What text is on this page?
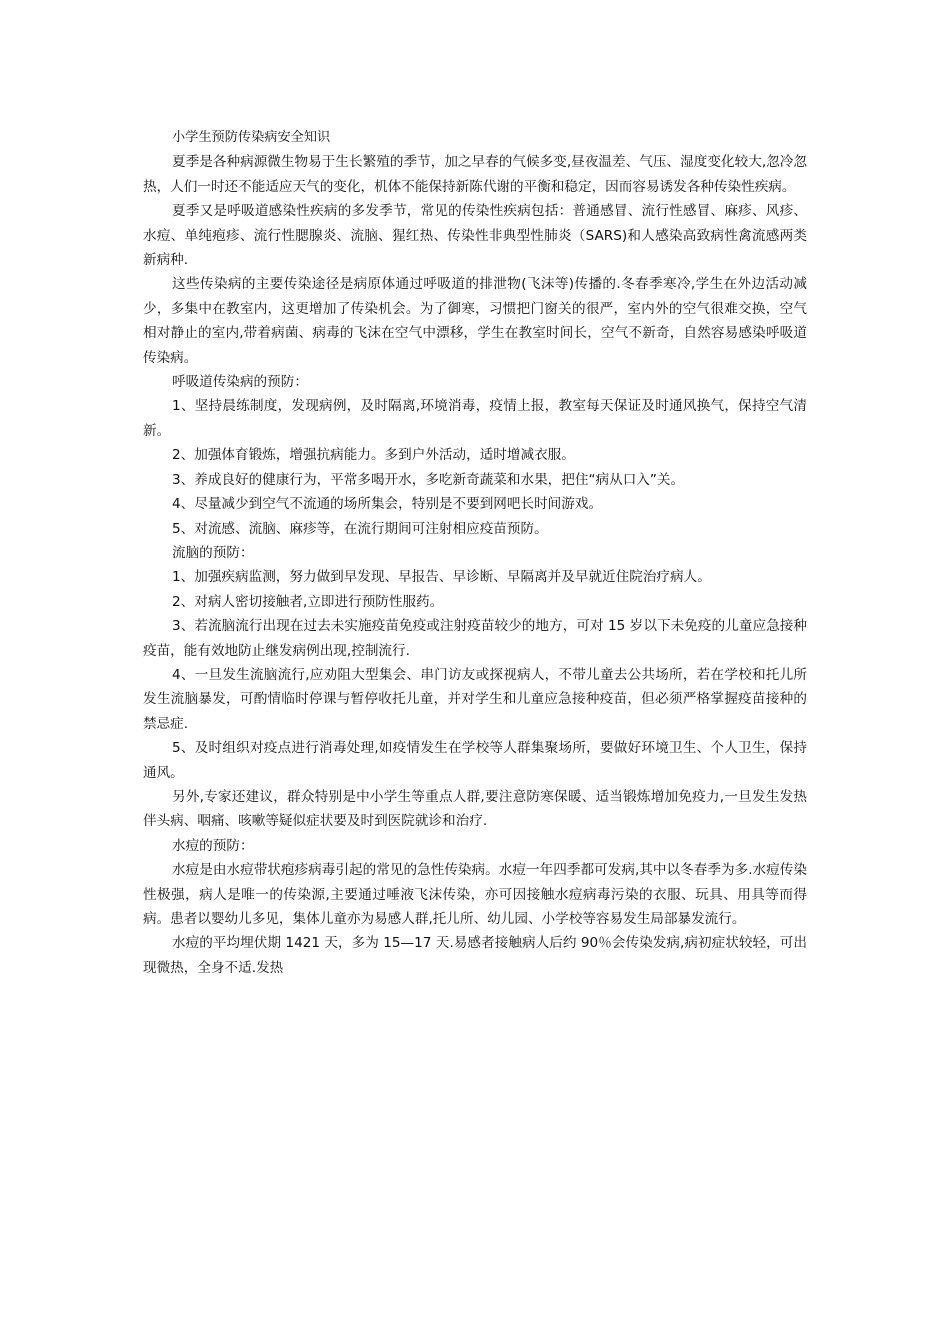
小学生预防传染病安全知识

夏季是各种病源微生物易于生长繁殖的季节，加之早春的气候多变,昼夜温差、气压、湿度变化较大,忽冷忽热，人们一时还不能适应天气的变化，机体不能保持新陈代谢的平衡和稳定，因而容易诱发各种传染性疾病。

夏季又是呼吸道感染性疾病的多发季节，常见的传染性疾病包括：普通感冒、流行性感冒、麻疹、风疹、水痘、单纯疱疹、流行性腮腺炎、流脑、猩红热、传染性非典型性肺炎（SARS)和人感染高致病性禽流感两类新病种.

这些传染病的主要传染途径是病原体通过呼吸道的排泄物(飞沫等)传播的.冬春季寒冷,学生在外边活动减少，多集中在教室内，这更增加了传染机会。为了御寒，习惯把门窗关的很严，室内外的空气很难交换，空气相对静止的室内,带着病菌、病毒的飞沫在空气中漂移，学生在教室时间长，空气不新奇，自然容易感染呼吸道传染病。

呼吸道传染病的预防：

1、坚持晨练制度，发现病例，及时隔离,环境消毒，疫情上报，教室每天保证及时通风换气，保持空气清新。

2、加强体育锻炼，增强抗病能力。多到户外活动，适时增减衣服。

3、养成良好的健康行为，平常多喝开水，多吃新奇蔬菜和水果，把住“病从口入”关。

4、尽量减少到空气不流通的场所集会，特别是不要到网吧长时间游戏。

5、对流感、流脑、麻疹等，在流行期间可注射相应疫苗预防。

流脑的预防：

1、加强疾病监测，努力做到早发现、早报告、早诊断、早隔离并及早就近住院治疗病人。

2、对病人密切接触者,立即进行预防性服药。

3、若流脑流行出现在过去未实施疫苗免疫或注射疫苗较少的地方，可对 15 岁以下未免疫的儿童应急接种疫苗，能有效地防止继发病例出现,控制流行.

4、一旦发生流脑流行,应劝阻大型集会、串门访友或探视病人，不带儿童去公共场所，若在学校和托儿所发生流脑暴发，可酌情临时停课与暂停收托儿童，并对学生和儿童应急接种疫苗，但必须严格掌握疫苗接种的禁忌症.

5、及时组织对疫点进行消毒处理,如疫情发生在学校等人群集聚场所，要做好环境卫生、个人卫生，保持通风。

另外,专家还建议，群众特别是中小学生等重点人群,要注意防寒保暖、适当锻炼增加免疫力,一旦发生发热伴头病、咽痛、咳嗽等疑似症状要及时到医院就诊和治疗.

水痘的预防：

水痘是由水痘带状疱疹病毒引起的常见的急性传染病。水痘一年四季都可发病,其中以冬春季为多.水痘传染性极强，病人是唯一的传染源,主要通过唾液飞沫传染，亦可因接触水痘病毒污染的衣服、玩具、用具等而得病。患者以婴幼儿多见，集体儿童亦为易感人群,托儿所、幼儿园、小学校等容易发生局部暴发流行。

水痘的平均埋伏期 1421 天，多为 15—17 天.易感者接触病人后约 90％会传染发病,病初症状较轻，可出现微热，全身不适.发热
